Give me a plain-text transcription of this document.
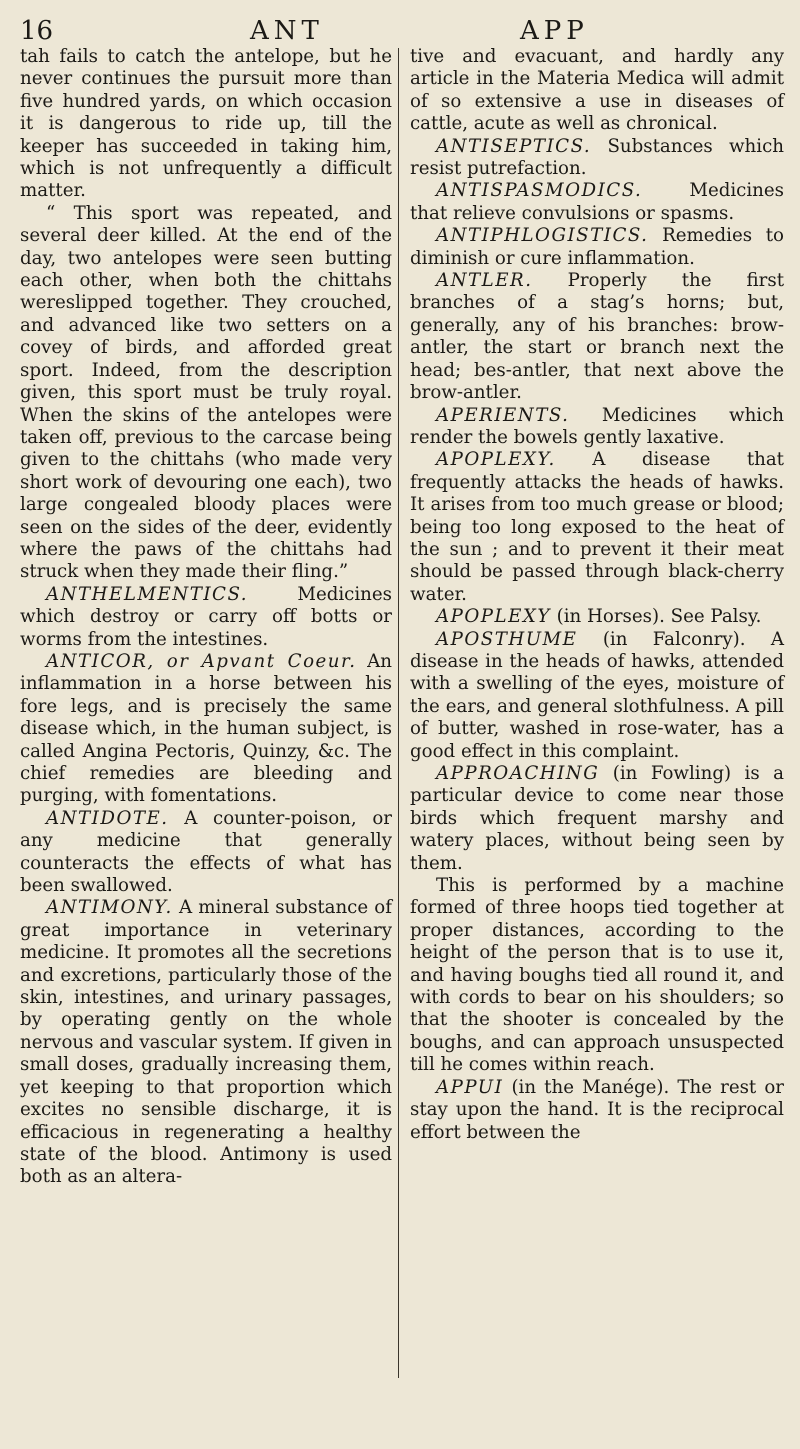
16	ANT	APP

tah fails to catch the antelope, but he never continues the pursuit more than five hundred yards, on which occasion it is dangerous to ride up, till the keeper has succeeded in taking him, which is not unfrequently a difficult matter.

“ This sport was repeated, and several deer killed. At the end of the day, two antelopes were seen butting each other, when both the chittahs wereslipped together. They crouched, and advanced like two setters on a covey of birds, and afforded great sport. Indeed, from the description given, this sport must be truly royal. When the skins of the antelopes were taken off, previous to the carcase being given to the chittahs (who made very short work of devouring one each), two large congealed bloody places were seen on the sides of the deer, evidently where the paws of the chittahs had struck when they made their fling.”

ANTHELMENTICS.	Medicines which destroy or carry off botts or worms from the intestines.

ANTICOR, or Apvant Coeur. An inflammation in a horse between his fore legs, and is precisely the same disease which, in the human subject, is called Angina Pectoris, Quinzy, &c. The chief remedies are bleeding and purging, with fomentations.

ANTIDOTE. A counter-poison, or any medicine that generally counteracts the effects of what has been swallowed.

ANTIMONY. A mineral substance of great importance in veterinary medicine. It promotes all the secretions and excretions, particularly those of the skin, intestines, and urinary passages, by operating gently on the whole nervous and vascular system. If given in small doses, gradually increasing them, yet keeping to that proportion which excites no sensible discharge, it is efficacious in regenerating a healthy state of the blood. Antimony is used both as an altera-

tive and evacuant, and hardly any article in the Materia Medica will admit of so extensive a use in diseases of cattle, acute as well as chronical.

ANTISEPTICS. Substances which resist putrefaction.

ANTISPASMODICS.	Medicines that relieve convulsions or spasms.

ANTIPHLOGISTICS. Remedies to diminish or cure inflammation.

ANTLER. Properly the first branches of a stag’s horns; but, generally, any of his branches: brow-antler, the start or branch next the head; bes-antler, that next above the brow-antler.

APERIENTS. Medicines which render the bowels gently laxative.

APOPLEXY. A disease that frequently attacks the heads of hawks. It arises from too much grease or blood; being too long exposed to the heat of the sun ; and to prevent it their meat should be passed through black-cherry water.

APOPLEXY (in Horses). See Palsy.

APOSTHUME (in Falconry). A disease in the heads of hawks, attended with a swelling of the eyes, moisture of the ears, and general slothfulness. A pill of butter, washed in rose-water, has a good effect in this complaint.

APPROACHING (in Fowling) is a particular device to come near those birds which frequent marshy and watery places, without being seen by them.

This is performed by a machine formed of three hoops tied together at proper distances, according to the height of the person that is to use it, and having boughs tied all round it, and with cords to bear on his shoulders; so that the shooter is concealed by the boughs, and can approach unsuspected till he comes within reach.

APPUI (in the Manége). The rest or stay upon the hand. It is the reciprocal effort between the
